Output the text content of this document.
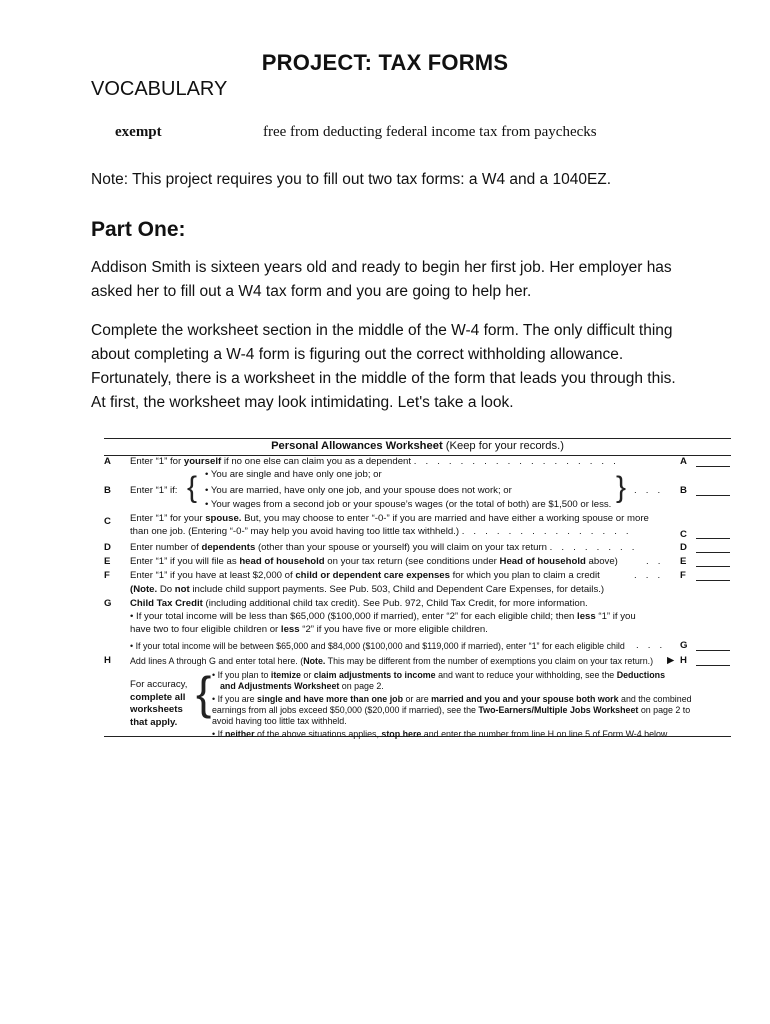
PROJECT: TAX FORMS
VOCABULARY
exempt	free from deducting federal income tax from paychecks
Note: This project requires you to fill out two tax forms: a W4 and a 1040EZ.
Part One:
Addison Smith is sixteen years old and ready to begin her first job. Her employer has
asked her to fill out a W4 tax form and you are going to help her.
Complete the worksheet section in the middle of the W-4 form. The only difficult thing
about completing a W-4 form is figuring out the correct withholding allowance.
Fortunately, there is a worksheet in the middle of the form that leads you through this.
At first, the worksheet may look intimidating. Let's take a look.
Personal Allowances Worksheet (Keep for your records.)
A Enter “1” for yourself if no one else can claim you as a dependent . . . . . . . . . . . . . . . . . .	A
• You are single and have only one job; or
B Enter “1” if: { • You are married, have only one job, and your spouse does not work; or	} . . . B
• Your wages from a second job or your spouse’s wages (or the total of both) are $1,500 or less.
C Enter “1” for your spouse. But, you may choose to enter “-0-” if you are married and have either a working spouse or more
than one job. (Entering “-0-” may help you avoid having too little tax withheld.) . . . . . . . . . . . . . . .	C
D Enter number of dependents (other than your spouse or yourself) you will claim on your tax return . . . . . . . .	D
E Enter “1” if you will file as head of household on your tax return (see conditions under Head of household above)	. . E
F Enter “1” if you have at least $2,000 of child or dependent care expenses for which you plan to claim a credit	. . . F
(Note. Do not include child support payments. See Pub. 503, Child and Dependent Care Expenses, for details.)
G Child Tax Credit (including additional child tax credit). See Pub. 972, Child Tax Credit, for more information.
• If your total income will be less than $65,000 ($100,000 if married), enter “2” for each eligible child; then less “1” if you
have two to four eligible children or less “2” if you have five or more eligible children.
• If your total income will be between $65,000 and $84,000 ($100,000 and $119,000 if married), enter “1” for each eligible child . . . G
H Add lines A through G and enter total here. (Note. This may be different from the number of exemptions you claim on your tax return.) ▶ H
For accuracy,
complete all
worksheets
that apply.
{ • If you plan to itemize or claim adjustments to income and want to reduce your withholding, see the Deductions
and Adjustments Worksheet on page 2.
• If you are single and have more than one job or are married and you and your spouse both work and the combined
earnings from all jobs exceed $50,000 ($20,000 if married), see the Two-Earners/Multiple Jobs Worksheet on page 2 to
avoid having too little tax withheld.
• If neither of the above situations applies, stop here and enter the number from line H on line 5 of Form W-4 below.
